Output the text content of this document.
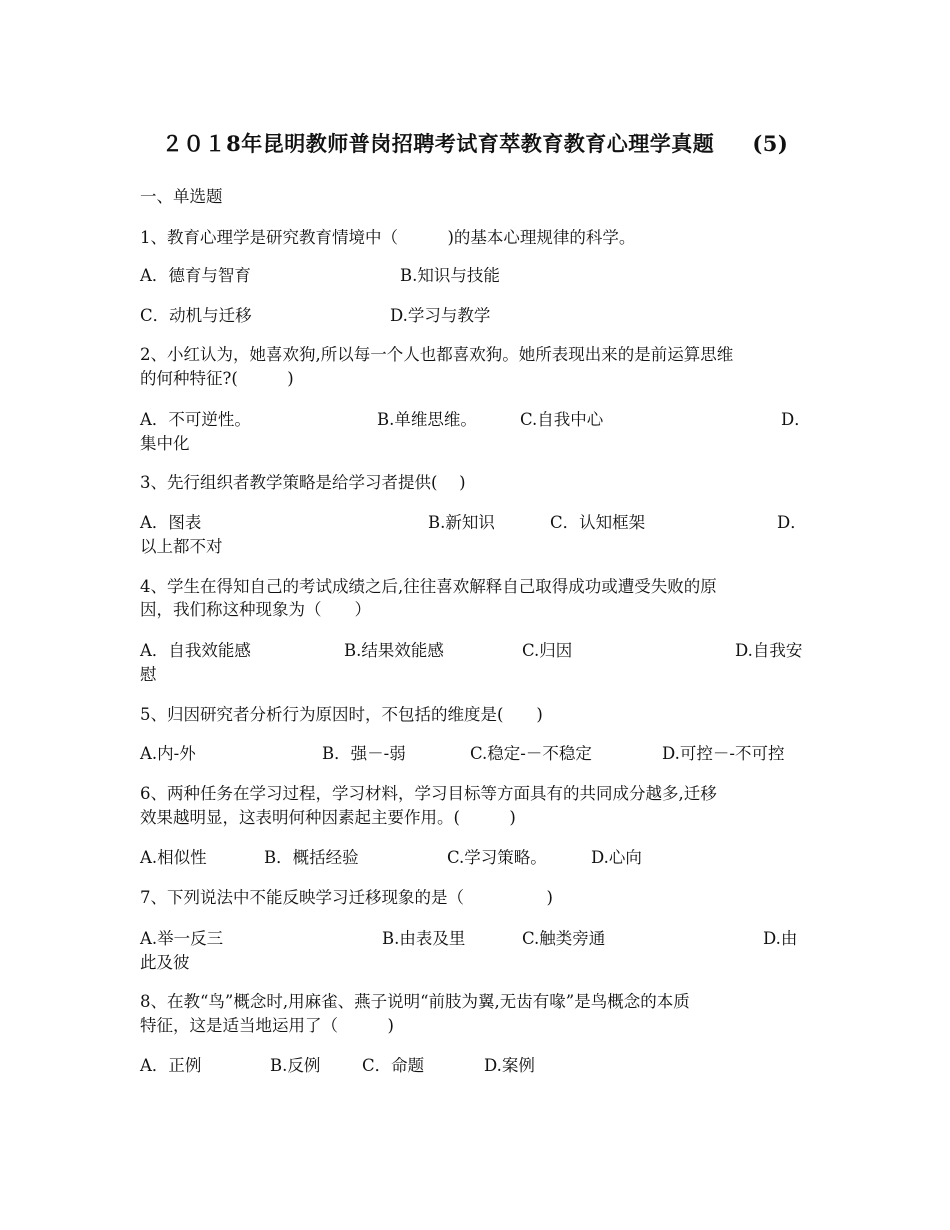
２０１8年昆明教师普岗招聘考试育萃教育教育心理学真题 (5)
一、单选题
1、教育心理学是研究教育情境中（　　　)的基本心理规律的科学。
A．德育与智育	B.知识与技能
C．动机与迁移	D.学习与教学
2、小红认为，她喜欢狗,所以每一个人也都喜欢狗。她所表现出来的是前运算思维
的何种特征?(　　　)
A．不可逆性。	B.单维思维。	C.自我中心	D．
集中化
3、先行组织者教学策略是给学习者提供(　 )
A．图表	B.新知识	C．认知框架	D．
以上都不对
4、学生在得知自己的考试成绩之后,往往喜欢解释自己取得成功或遭受失败的原
因，我们称这种现象为（　　）
A．自我效能感	B.结果效能感	C.归因	D.自我安
慰
5、归因研究者分析行为原因时，不包括的维度是(　　)
A.内-外	B．强－-弱	C.稳定-－不稳定	D.可控－-不可控
6、两种任务在学习过程，学习材料，学习目标等方面具有的共同成分越多,迁移
效果越明显，这表明何种因素起主要作用。(　　　)
A.相似性	B．概括经验	C.学习策略。	D.心向
7、下列说法中不能反映学习迁移现象的是（　　　　　)
A.举一反三	B.由表及里	C.触类旁通	D.由
此及彼
8、在教“鸟”概念时,用麻雀、燕子说明“前肢为翼,无齿有喙”是鸟概念的本质
特征，这是适当地运用了（　　　)
A．正例	B.反例	C．命题	D.案例
